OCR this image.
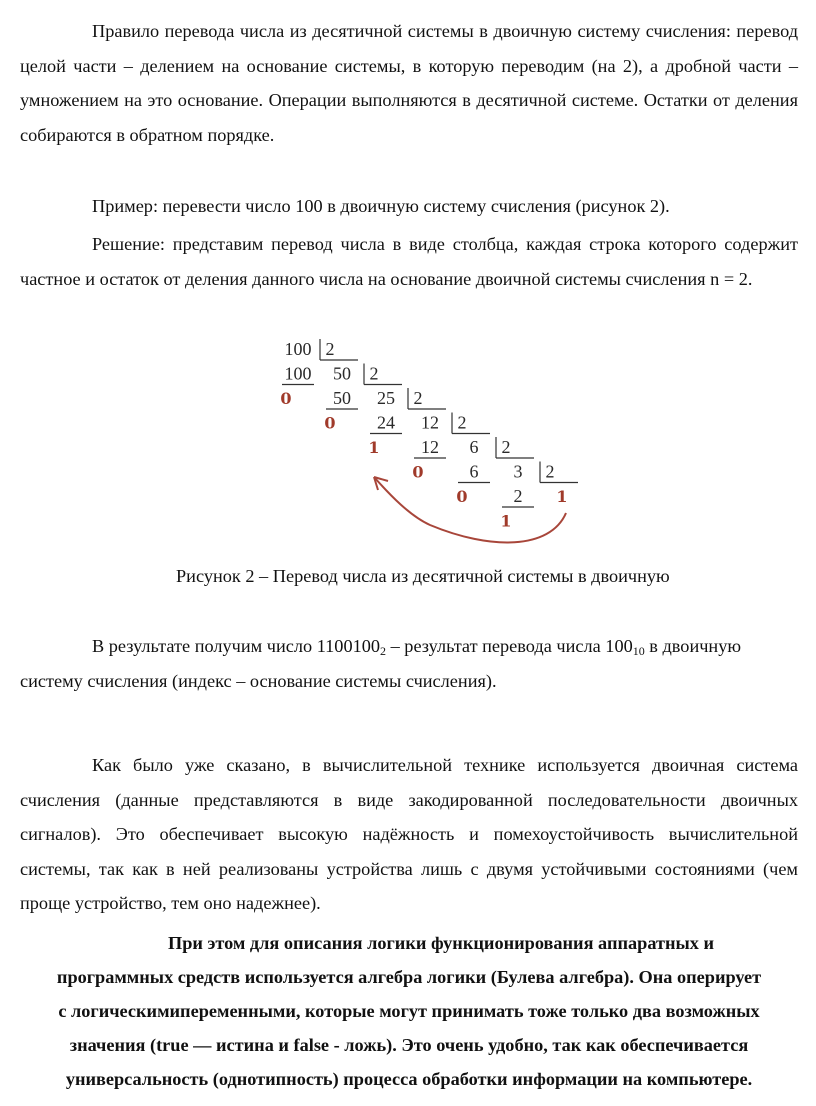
Правило перевода числа из десятичной системы в двоичную систему счисления: перевод целой части – делением на основание системы, в которую переводим (на 2), а дробной части – умножением на это основание. Операции выполняются в десятичной системе. Остатки от деления собираются в обратном порядке.

Пример: перевести число 100 в двоичную систему счисления (рисунок 2).

Решение: представим перевод числа в виде столбца, каждая строка которого содержит частное и остаток от деления данного числа на основание двоичной системы счисления n = 2.

100
100
0
2
50
50
0
2
25
24
1
2
12
12
0
2
6
6
0
2
3
2
1
2
1

Рисунок 2 – Перевод числа из десятичной системы в двоичную

В результате получим число $1100100_2$ – результат перевода числа $100_{10}$ в двоичную

систему счисления (индекс – основание системы счисления).

Как было уже сказано, в вычислительной технике используется двоичная система счисления (данные представляются в виде закодированной последовательности двоичных сигналов). Это обеспечивает высокую надёжность и помехоустойчивость вычислительной системы, так как в ней реализованы устройства лишь с двумя устойчивыми состояниями (чем проще устройство, тем оно надежнее).

При этом для описания логики функционирования аппаратных и

программных средств используется алгебра логики (Булева алгебра). Она оперирует

с логическимипеременными, которые могут принимать тоже только два возможных

значения (true — истина и false - ложь). Это очень удобно, так как обеспечивается

универсальность (однотипность) процесса обработки информации на компьютере.
